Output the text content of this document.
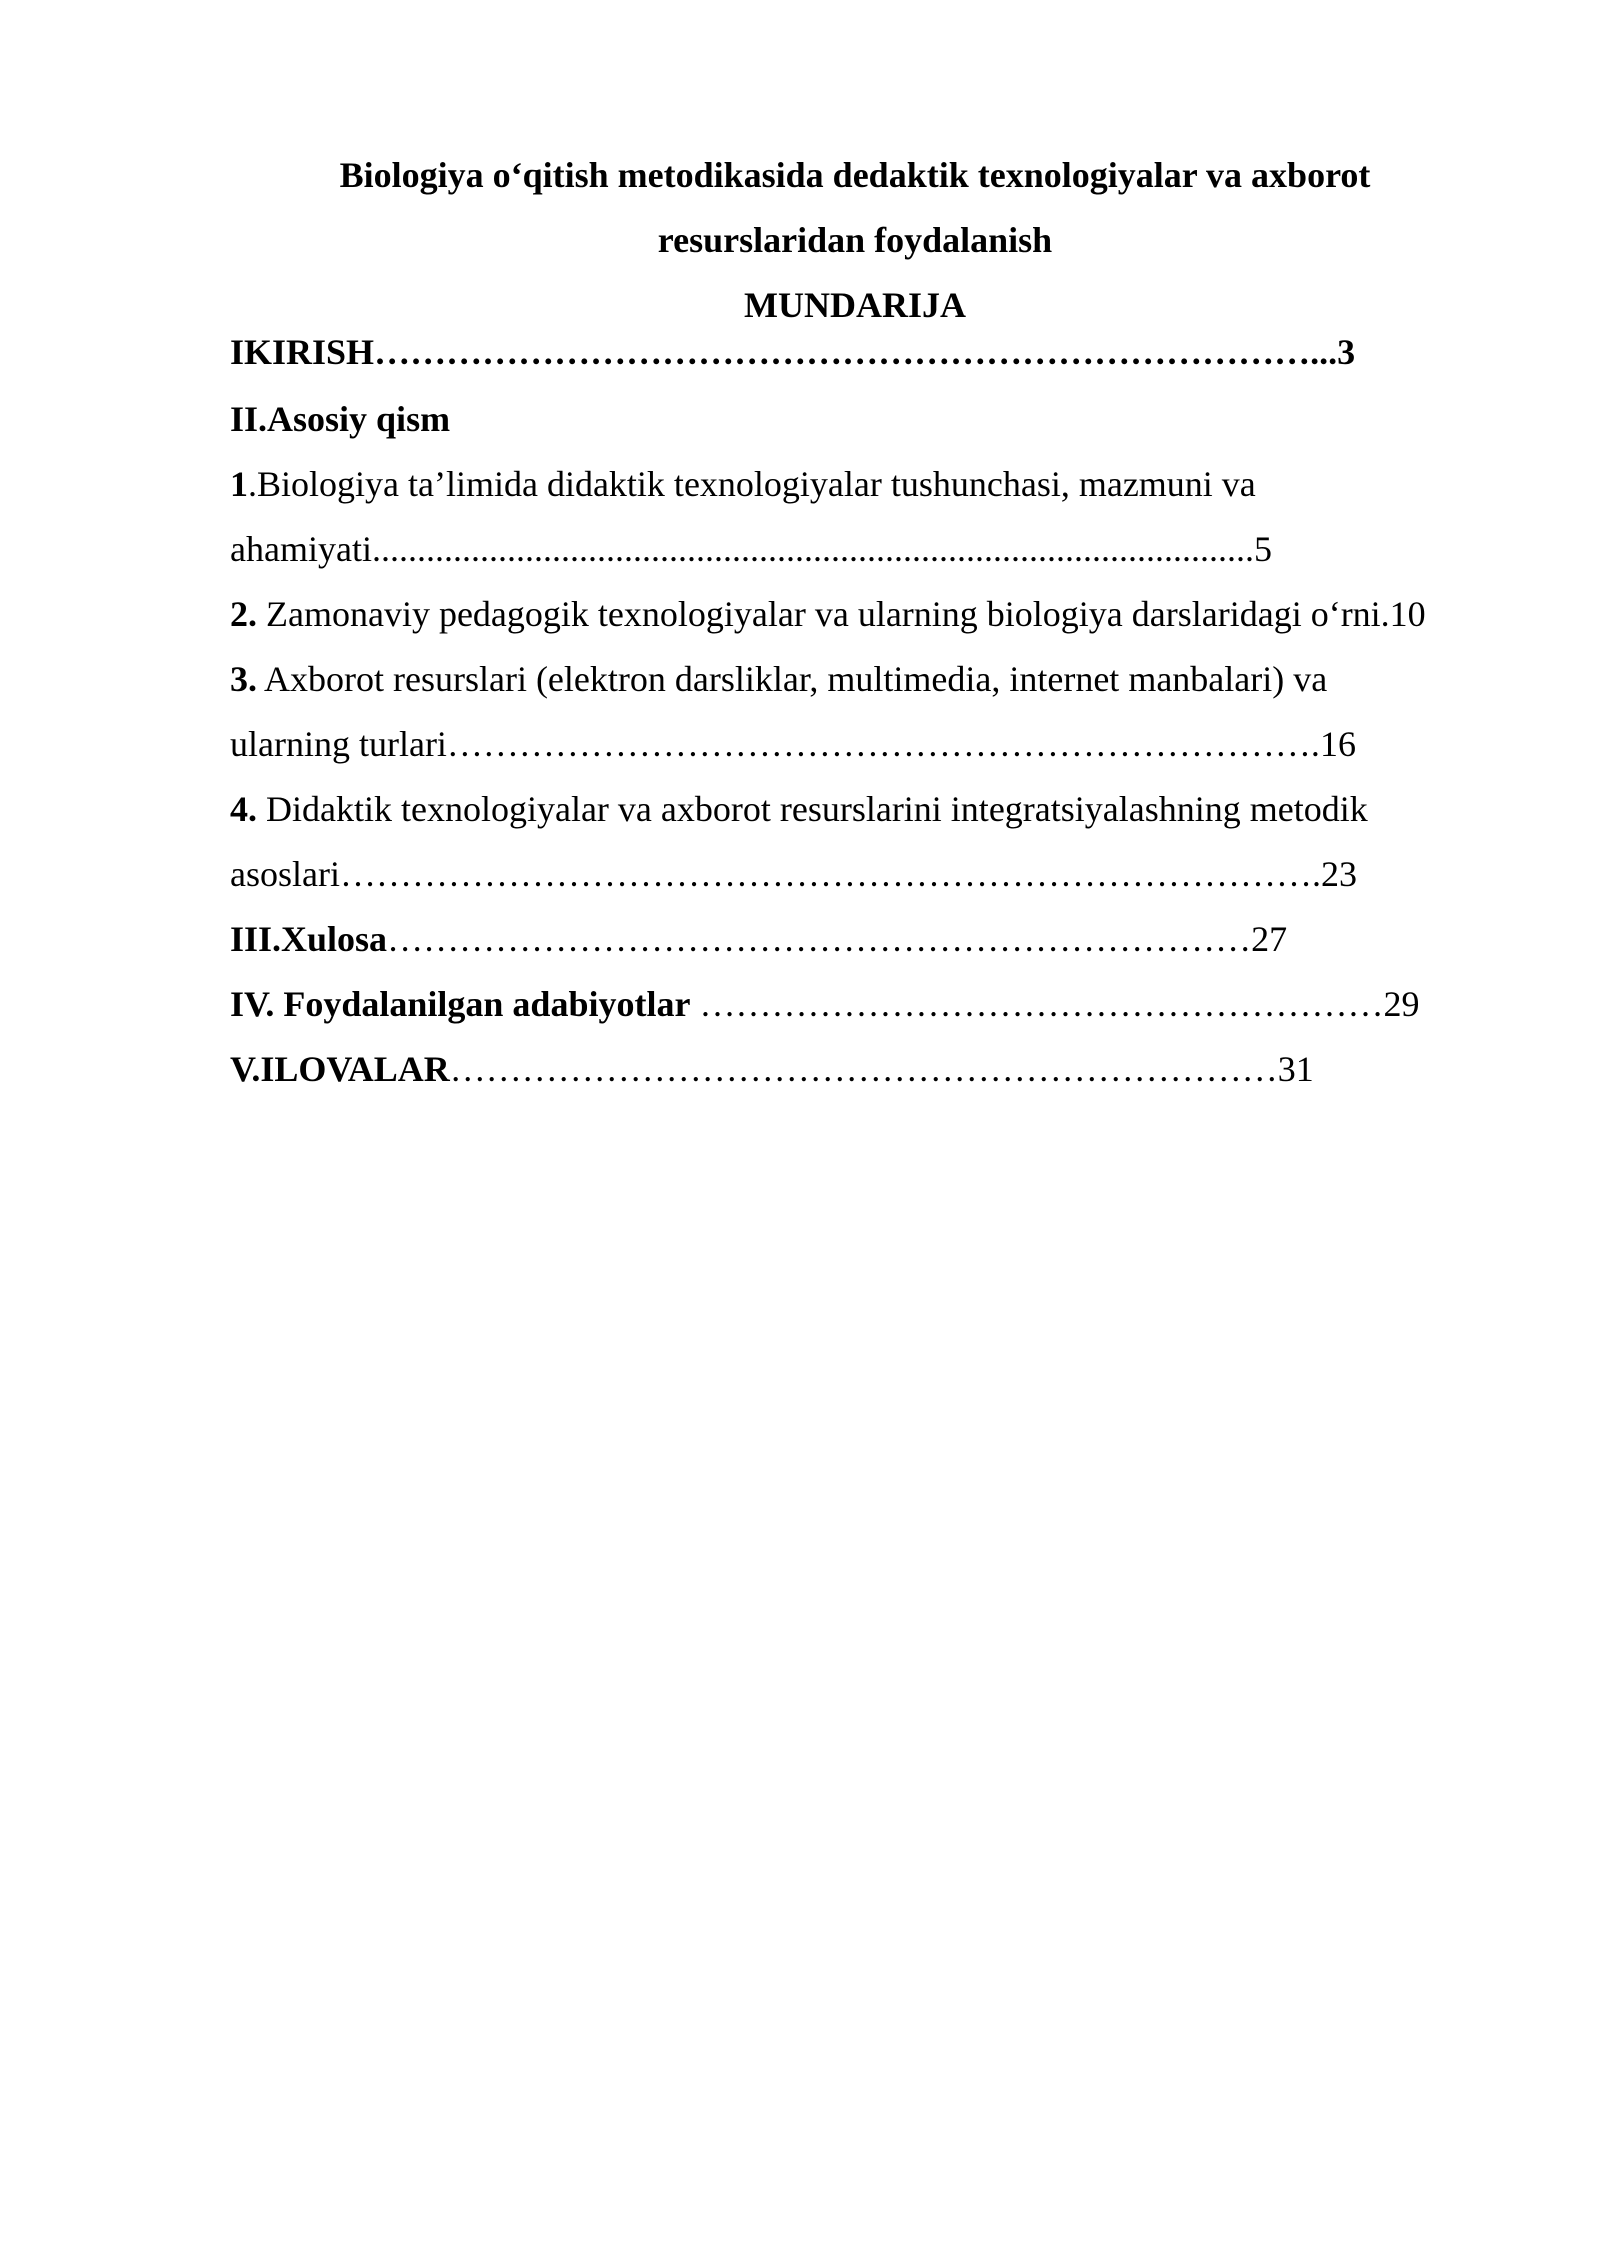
Biologiya o‘qitish metodikasida dedaktik texnologiyalar va axborot
resurslaridan foydalanish
MUNDARIJA
IKIRISH……………………………………………………………………...3
II.Asosiy qism
1.Biologiya ta’limida didaktik texnologiyalar tushunchasi, mazmuni va
ahamiyati..................................................................................................5
2. Zamonaviy pedagogik texnologiyalar va ularning biologiya darslaridagi o‘rni.10
3. Axborot resurslari (elektron darsliklar, multimedia, internet manbalari) va
ularning turlari……………………………………………………………….16
4. Didaktik texnologiyalar va axborot resurslarini integratsiyalashning metodik
asoslari……………………………………………………………………….23
III.Xulosa………………………………………………………………27
IV. Foydalanilgan adabiyotlar …………………………………………………29
V.ILOVALAR……………………………………………………………31
